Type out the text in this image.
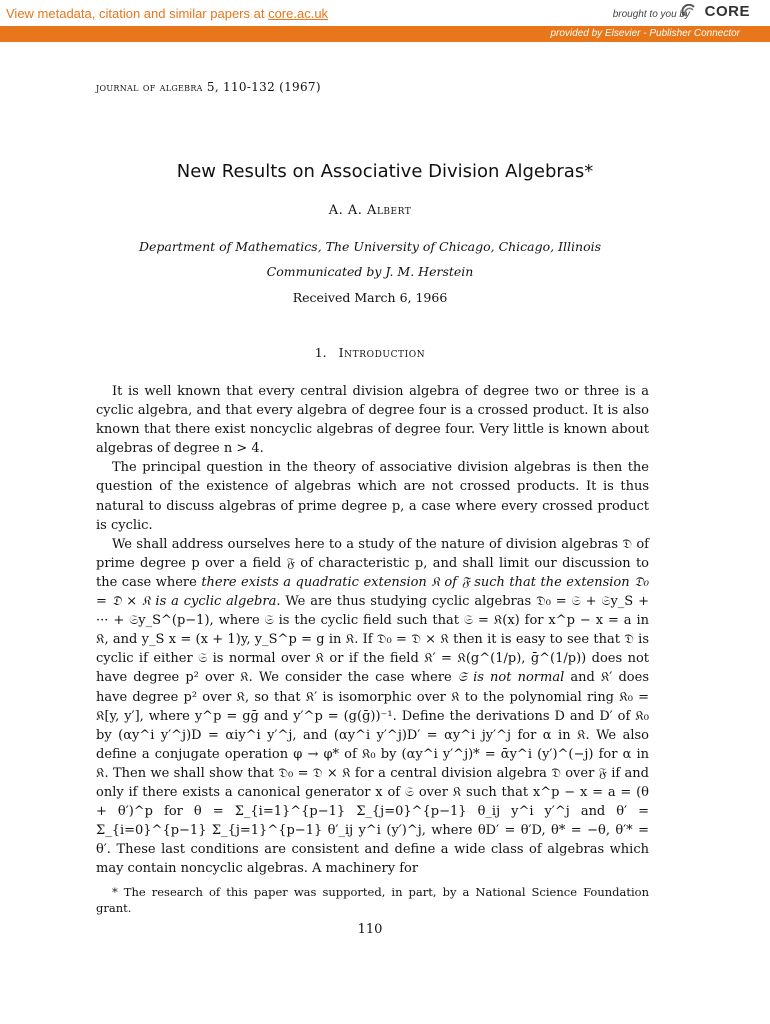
View metadata, citation and similar papers at core.ac.uk	brought to you by CORE
provided by Elsevier - Publisher Connector
journal of algebra 5, 110-132 (1967)
New Results on Associative Division Algebras*
A. A. Albert
Department of Mathematics, The University of Chicago, Chicago, Illinois
Communicated by J. M. Herstein
Received March 6, 1966
1. Introduction

It is well known that every central division algebra of degree two or three is a cyclic algebra, and that every algebra of degree four is a crossed product. It is also known that there exist noncyclic algebras of degree four. Very little is known about algebras of degree n > 4.

The principal question in the theory of associative division algebras is then the question of the existence of algebras which are not crossed products. It is thus natural to discuss algebras of prime degree p, a case where every crossed product is cyclic.

We shall address ourselves here to a study of the nature of division algebras 𝔇 of prime degree p over a field 𝔉 of characteristic p, and shall limit our discussion to the case where there exists a quadratic extension 𝔎 of 𝔉 such that the extension 𝔇₀ = 𝔇 × 𝔎 is a cyclic algebra. We are thus studying cyclic algebras 𝔇₀ = 𝔖 + 𝔖y_S + ··· + 𝔖y_S^(p−1), where 𝔖 is the cyclic field such that 𝔖 = 𝔎(x) for x^p − x = a in 𝔎, and y_S x = (x + 1)y, y_S^p = g in 𝔎. If 𝔇₀ = 𝔇 × 𝔎 then it is easy to see that 𝔇 is cyclic if either 𝔖 is normal over 𝔎 or if the field 𝔎′ = 𝔎(g^(1/p), ḡ^(1/p)) does not have degree p² over 𝔎. We consider the case where 𝔖 is not normal and 𝔎′ does have degree p² over 𝔎, so that 𝔎′ is isomorphic over 𝔎 to the polynomial ring 𝔎₀ = 𝔎[y, y′], where y^p = gḡ and y′^p = (g(ḡ))⁻¹. Define the derivations D and D′ of 𝔎₀ by (αy^i y′^j)D = αiy^i y′^j, and (αy^i y′^j)D′ = αy^i jy′^j for α in 𝔎. We also define a conjugate operation φ → φ* of 𝔎₀ by (αy^i y′^j)* = ᾱy^i (y′)^(−j) for α in 𝔎. Then we shall show that 𝔇₀ = 𝔇 × 𝔎 for a central division algebra 𝔇 over 𝔉 if and only if there exists a canonical generator x of 𝔖 over 𝔎 such that x^p − x = a = (θ + θ′)^p for θ = Σ_{i=1}^{p−1} Σ_{j=0}^{p−1} θ_ij y^i y′^j and θ′ = Σ_{i=0}^{p−1} Σ_{j=1}^{p−1} θ′_ij y^i (y′)^j, where θD′ = θ′D, θ* = −θ, θ′* = θ′. These last conditions are consistent and define a wide class of algebras which may contain noncyclic algebras. A machinery for

* The research of this paper was supported, in part, by a National Science Foundation grant.

110
